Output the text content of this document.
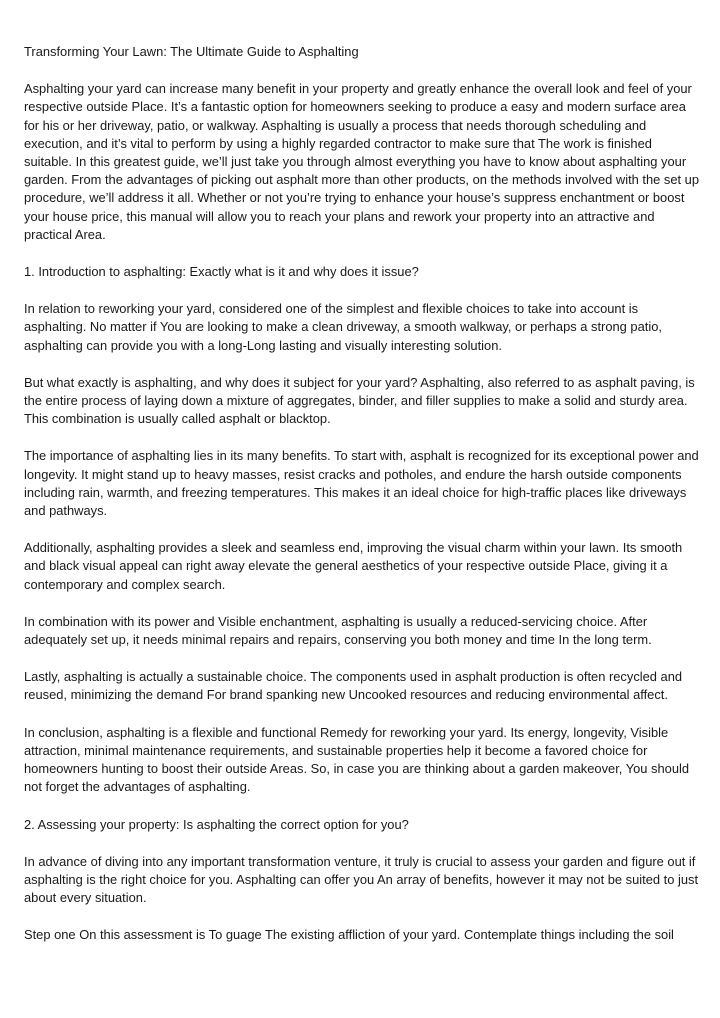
Transforming Your Lawn: The Ultimate Guide to Asphalting

Asphalting your yard can increase many benefit in your property and greatly enhance the overall look and feel of your respective outside Place. It’s a fantastic option for homeowners seeking to produce a easy and modern surface area for his or her driveway, patio, or walkway. Asphalting is usually a process that needs thorough scheduling and execution, and it’s vital to perform by using a highly regarded contractor to make sure that The work is finished suitable. In this greatest guide, we’ll just take you through almost everything you have to know about asphalting your garden. From the advantages of picking out asphalt more than other products, on the methods involved with the set up procedure, we’ll address it all. Whether or not you’re trying to enhance your house’s suppress enchantment or boost your house price, this manual will allow you to reach your plans and rework your property into an attractive and practical Area.

1. Introduction to asphalting: Exactly what is it and why does it issue?

In relation to reworking your yard, considered one of the simplest and flexible choices to take into account is asphalting. No matter if You are looking to make a clean driveway, a smooth walkway, or perhaps a strong patio, asphalting can provide you with a long-Long lasting and visually interesting solution.

But what exactly is asphalting, and why does it subject for your yard? Asphalting, also referred to as asphalt paving, is the entire process of laying down a mixture of aggregates, binder, and filler supplies to make a solid and sturdy area. This combination is usually called asphalt or blacktop.

The importance of asphalting lies in its many benefits. To start with, asphalt is recognized for its exceptional power and longevity. It might stand up to heavy masses, resist cracks and potholes, and endure the harsh outside components including rain, warmth, and freezing temperatures. This makes it an ideal choice for high-traffic places like driveways and pathways.

Additionally, asphalting provides a sleek and seamless end, improving the visual charm within your lawn. Its smooth and black visual appeal can right away elevate the general aesthetics of your respective outside Place, giving it a contemporary and complex search.

In combination with its power and Visible enchantment, asphalting is usually a reduced-servicing choice. After adequately set up, it needs minimal repairs and repairs, conserving you both money and time In the long term.

Lastly, asphalting is actually a sustainable choice. The components used in asphalt production is often recycled and reused, minimizing the demand For brand spanking new Uncooked resources and reducing environmental affect.

In conclusion, asphalting is a flexible and functional Remedy for reworking your yard. Its energy, longevity, Visible attraction, minimal maintenance requirements, and sustainable properties help it become a favored choice for homeowners hunting to boost their outside Areas. So, in case you are thinking about a garden makeover, You should not forget the advantages of asphalting.

2. Assessing your property: Is asphalting the correct option for you?

In advance of diving into any important transformation venture, it truly is crucial to assess your garden and figure out if asphalting is the right choice for you. Asphalting can offer you An array of benefits, however it may not be suited to just about every situation.

Step one On this assessment is To guage The existing affliction of your yard. Contemplate things including the soil
